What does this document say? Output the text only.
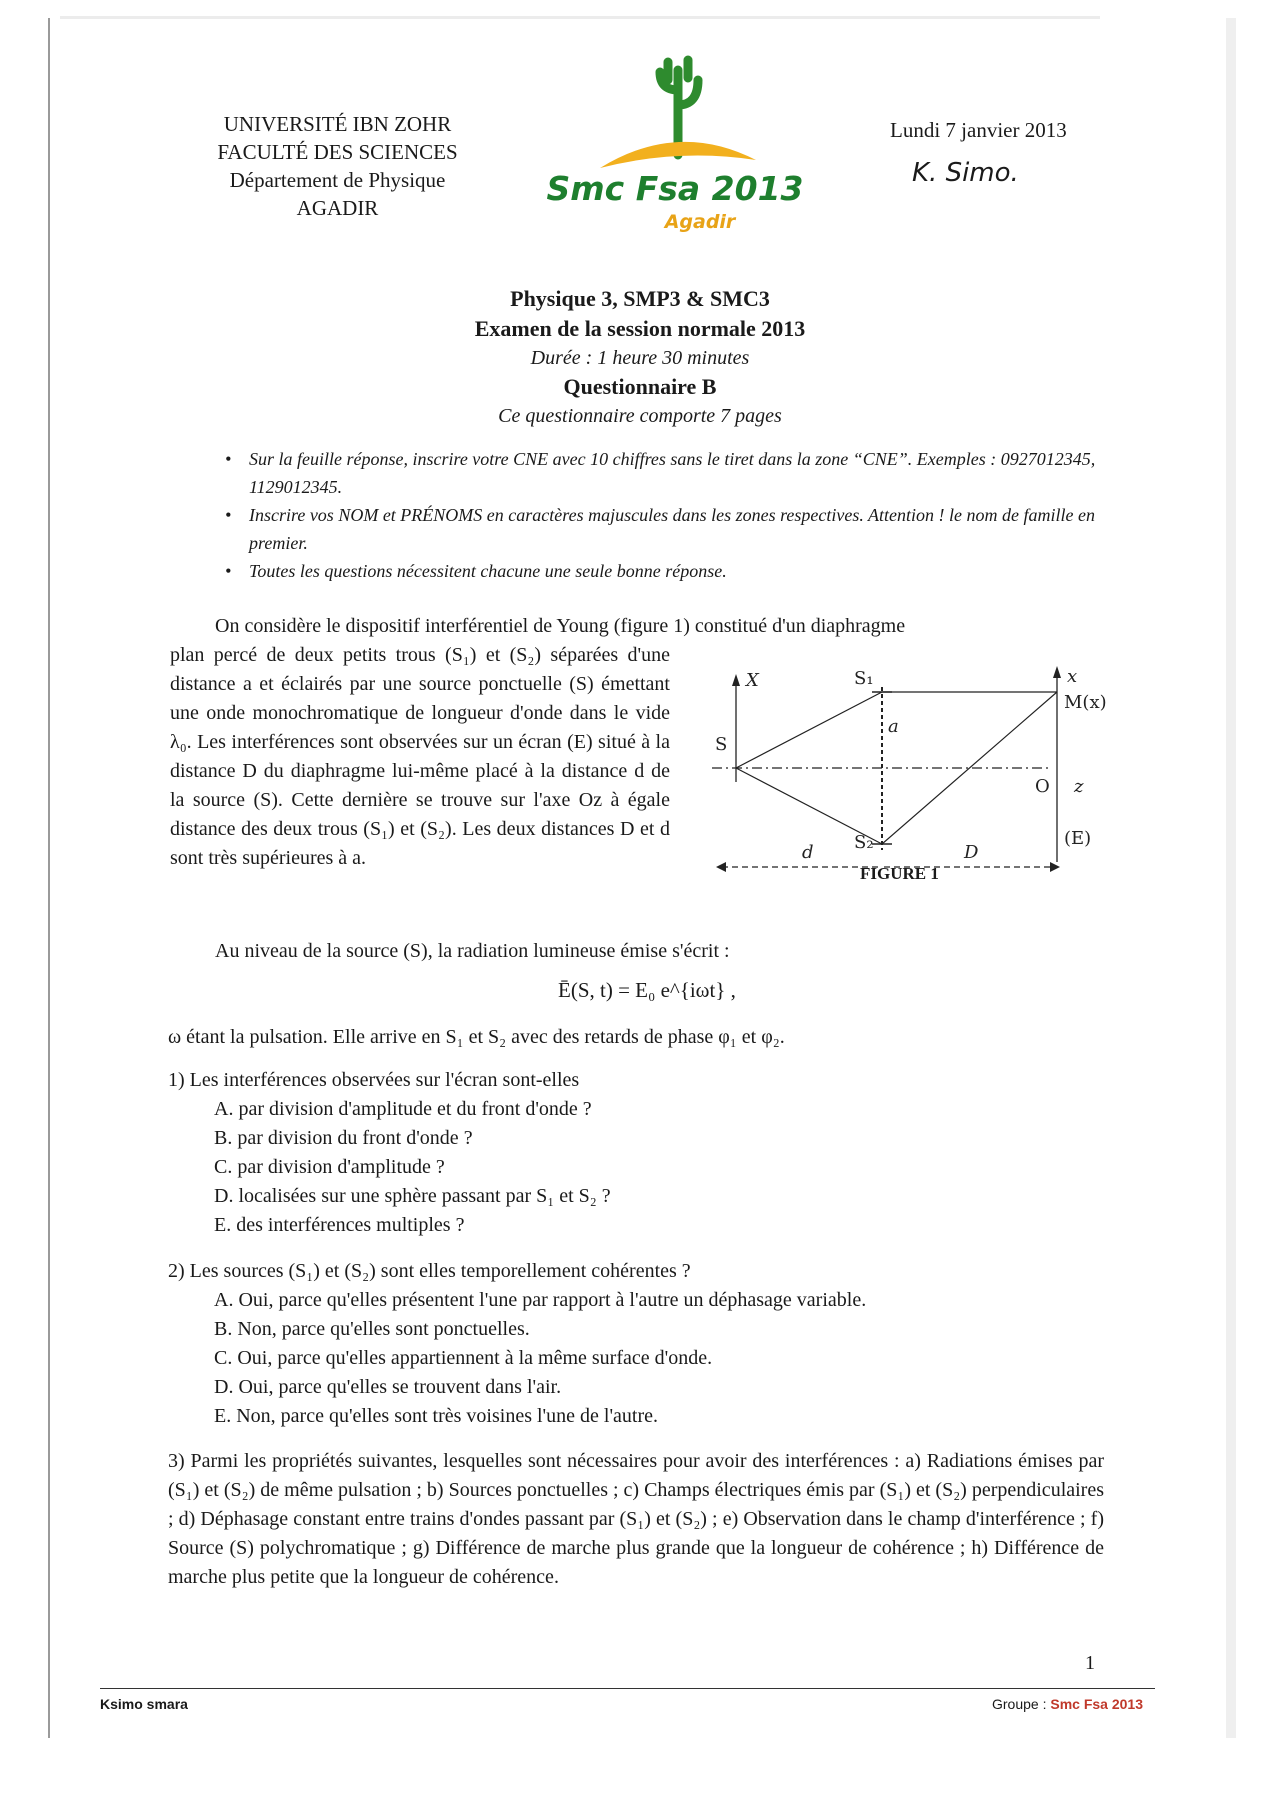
UNIVERSITÉ IBN ZOHR
FACULTÉ DES SCIENCES
Département de Physique
AGADIR	Smc Fsa 2013
Agadir
Lundi 7 janvier 2013
K. Simo.
Physique 3, SMP3 & SMC3
Examen de la session normale 2013
Durée : 1 heure 30 minutes
Questionnaire B
Ce questionnaire comporte 7 pages
• Sur la feuille réponse, inscrire votre CNE avec 10 chiffres sans le tiret dans la zone “CNE”. Exemples : 0927012345, 1129012345.
• Inscrire vos NOM et PRÉNOMS en caractères majuscules dans les zones respectives. Attention ! le nom de famille en premier.
• Toutes les questions nécessitent chacune une seule bonne réponse.
On considère le dispositif interférentiel de Young (figure 1) constitué d'un diaphragme
plan percé de deux petits trous (S₁) et (S₂) séparées d'une distance a et éclairés par une source ponctuelle (S) émettant une onde monochromatique de longueur d'onde dans le vide λ₀. Les interférences sont observées sur un écran (E) situé à la distance D du diaphragme lui-même placé à la distance d de la source (S). Cette dernière se trouve sur l'axe Oz à égale distance des deux trous (S₁) et (S₂). Les deux distances D et d sont très supérieures à a.
X
S
S₁
S₂
a
x
M(x)
O z
(E)
d	D
FIGURE 1
Au niveau de la source (S), la radiation lumineuse émise s'écrit :
Ē(S, t) = E₀ e^{iωt} ,
ω étant la pulsation. Elle arrive en S₁ et S₂ avec des retards de phase φ₁ et φ₂.
1) Les interférences observées sur l'écran sont-elles
A. par division d'amplitude et du front d'onde ?
B. par division du front d'onde ?
C. par division d'amplitude ?
D. localisées sur une sphère passant par S₁ et S₂ ?
E. des interférences multiples ?
2) Les sources (S₁) et (S₂) sont elles temporellement cohérentes ?
A. Oui, parce qu'elles présentent l'une par rapport à l'autre un déphasage variable.
B. Non, parce qu'elles sont ponctuelles.
C. Oui, parce qu'elles appartiennent à la même surface d'onde.
D. Oui, parce qu'elles se trouvent dans l'air.
E. Non, parce qu'elles sont très voisines l'une de l'autre.
3) Parmi les propriétés suivantes, lesquelles sont nécessaires pour avoir des interférences : a) Radiations émises par (S₁) et (S₂) de même pulsation ; b) Sources ponctuelles ; c) Champs électriques émis par (S₁) et (S₂) perpendiculaires ; d) Déphasage constant entre trains d'ondes passant par (S₁) et (S₂) ; e) Observation dans le champ d'interférence ; f) Source (S) polychromatique ; g) Différence de marche plus grande que la longueur de cohérence ; h) Différence de marche plus petite que la longueur de cohérence.
1
Ksimo smara	Groupe : Smc Fsa 2013
